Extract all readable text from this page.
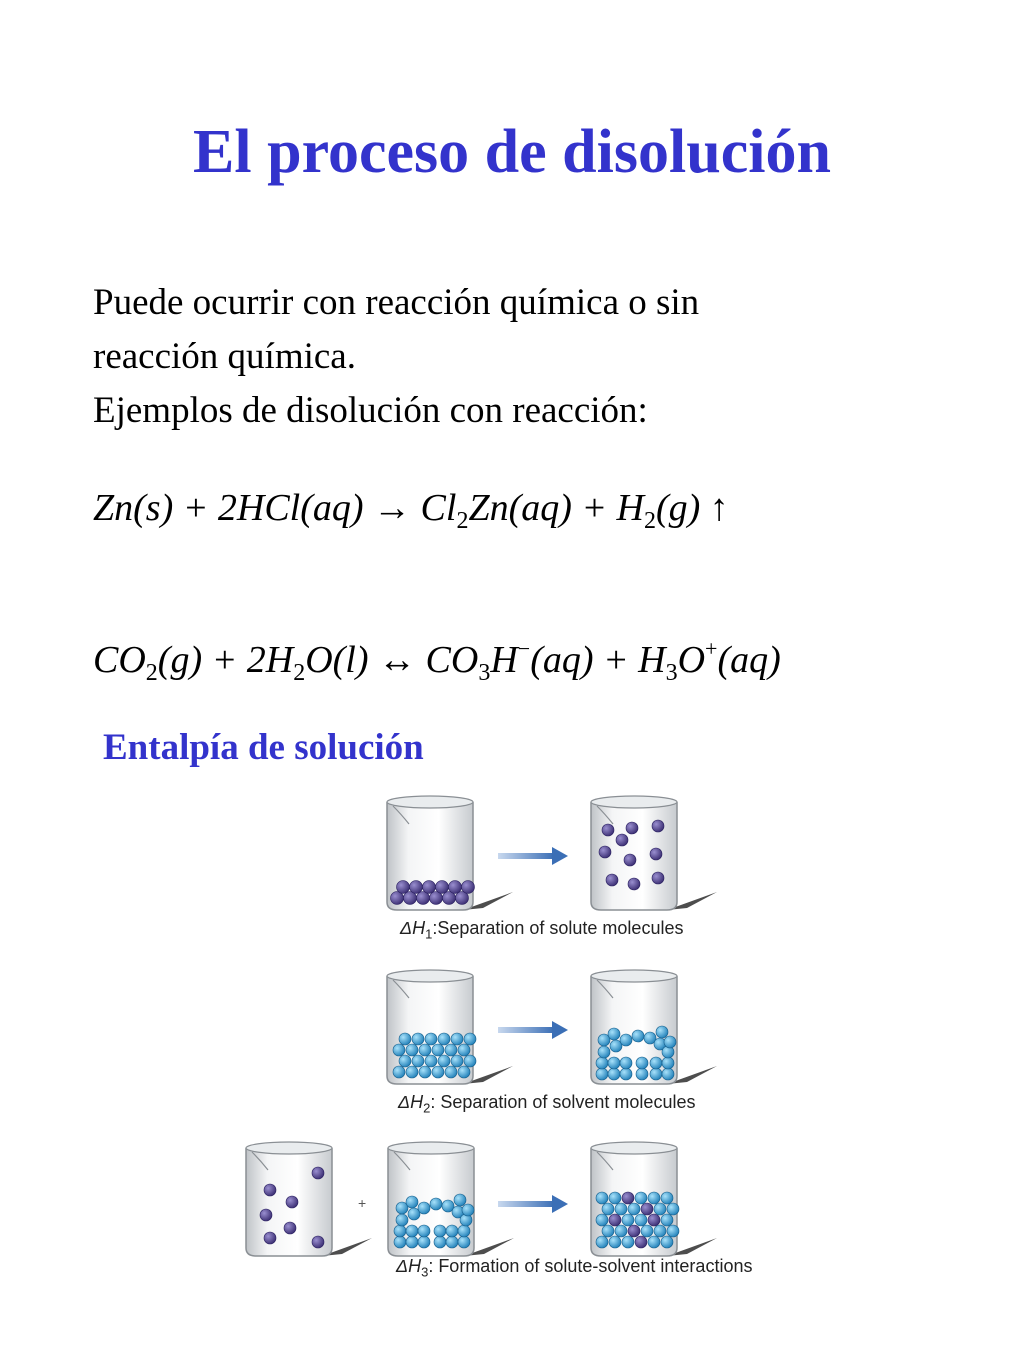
El proceso de disolución
Puede ocurrir con reacción química o sin
reacción química.
Ejemplos de disolución con reacción:
$Zn(s) + 2HCl(aq) \to Cl_2Zn(aq) + H_2(g)$ ↑
$CO_2(g) + 2H_2O(l)$ ↔ $CO_3H^-(aq) + H_3O^+(aq)$
Entalpía de solución
+
$\Delta H_1:Separation$ of solute molecules
$\Delta H_2$: Separation of solvent molecules
$\Delta H_3$: Formation of solute-solvent interactions
